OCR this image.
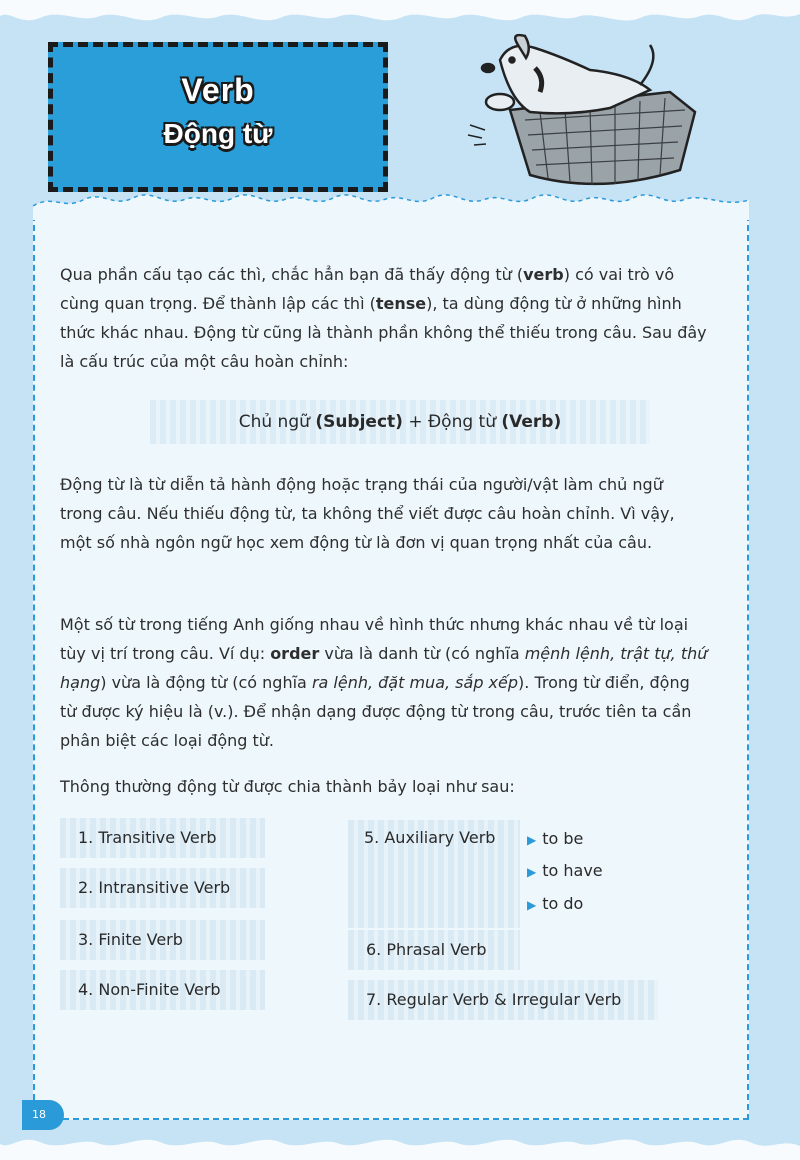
Verb
Động từ
Qua phần cấu tạo các thì, chắc hẳn bạn đã thấy động từ (verb) có vai trò vô cùng quan trọng. Để thành lập các thì (tense), ta dùng động từ ở những hình thức khác nhau. Động từ cũng là thành phần không thể thiếu trong câu. Sau đây là cấu trúc của một câu hoàn chỉnh:
Chủ ngữ (Subject) + Động từ (Verb)
Động từ là từ diễn tả hành động hoặc trạng thái của người/vật làm chủ ngữ trong câu. Nếu thiếu động từ, ta không thể viết được câu hoàn chỉnh. Vì vậy, một số nhà ngôn ngữ học xem động từ là đơn vị quan trọng nhất của câu.
Một số từ trong tiếng Anh giống nhau về hình thức nhưng khác nhau về từ loại tùy vị trí trong câu. Ví dụ: order vừa là danh từ (có nghĩa mệnh lệnh, trật tự, thứ hạng) vừa là động từ (có nghĩa ra lệnh, đặt mua, sắp xếp). Trong từ điển, động từ được ký hiệu là (v.). Để nhận dạng được động từ trong câu, trước tiên ta cần phân biệt các loại động từ.
Thông thường động từ được chia thành bảy loại như sau:
1. Transitive Verb
2. Intransitive Verb
3. Finite Verb
4. Non-Finite Verb
5. Auxiliary Verb	▶ to be
▶ to have
▶ to do
6. Phrasal Verb
7. Regular Verb & Irregular Verb
18
